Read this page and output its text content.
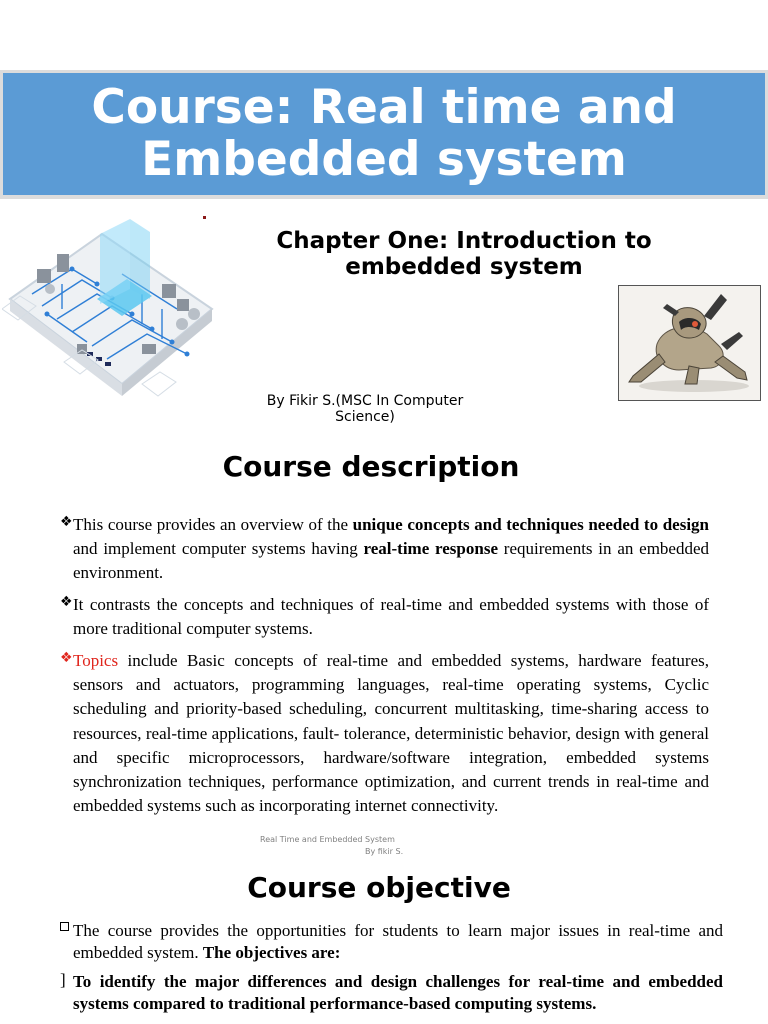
Course: Real time and
Embedded system
Chapter One: Introduction to
embedded system
By Fikir S.(MSC In Computer
Science)
Course description
❖ This course provides an overview of the unique concepts and techniques needed to design and implement computer systems having real-time response requirements in an embedded environment.
❖ It contrasts the concepts and techniques of real-time and embedded systems with those of more traditional computer systems.
❖ Topics include Basic concepts of real-time and embedded systems, hardware features, sensors and actuators, programming languages, real-time operating systems, Cyclic scheduling and priority-based scheduling, concurrent multitasking, time-sharing access to resources, real-time applications, fault- tolerance, deterministic behavior, design with general and specific microprocessors, hardware/software integration, embedded systems synchronization techniques, performance optimization, and current trends in real-time and embedded systems such as incorporating internet connectivity.
Real Time and Embedded System
By fikir S.
Course objective
The course provides the opportunities for students to learn major issues in real-time and embedded system. The objectives are:
] To identify the major differences and design challenges for real-time and embedded systems compared to traditional performance-based computing systems.
